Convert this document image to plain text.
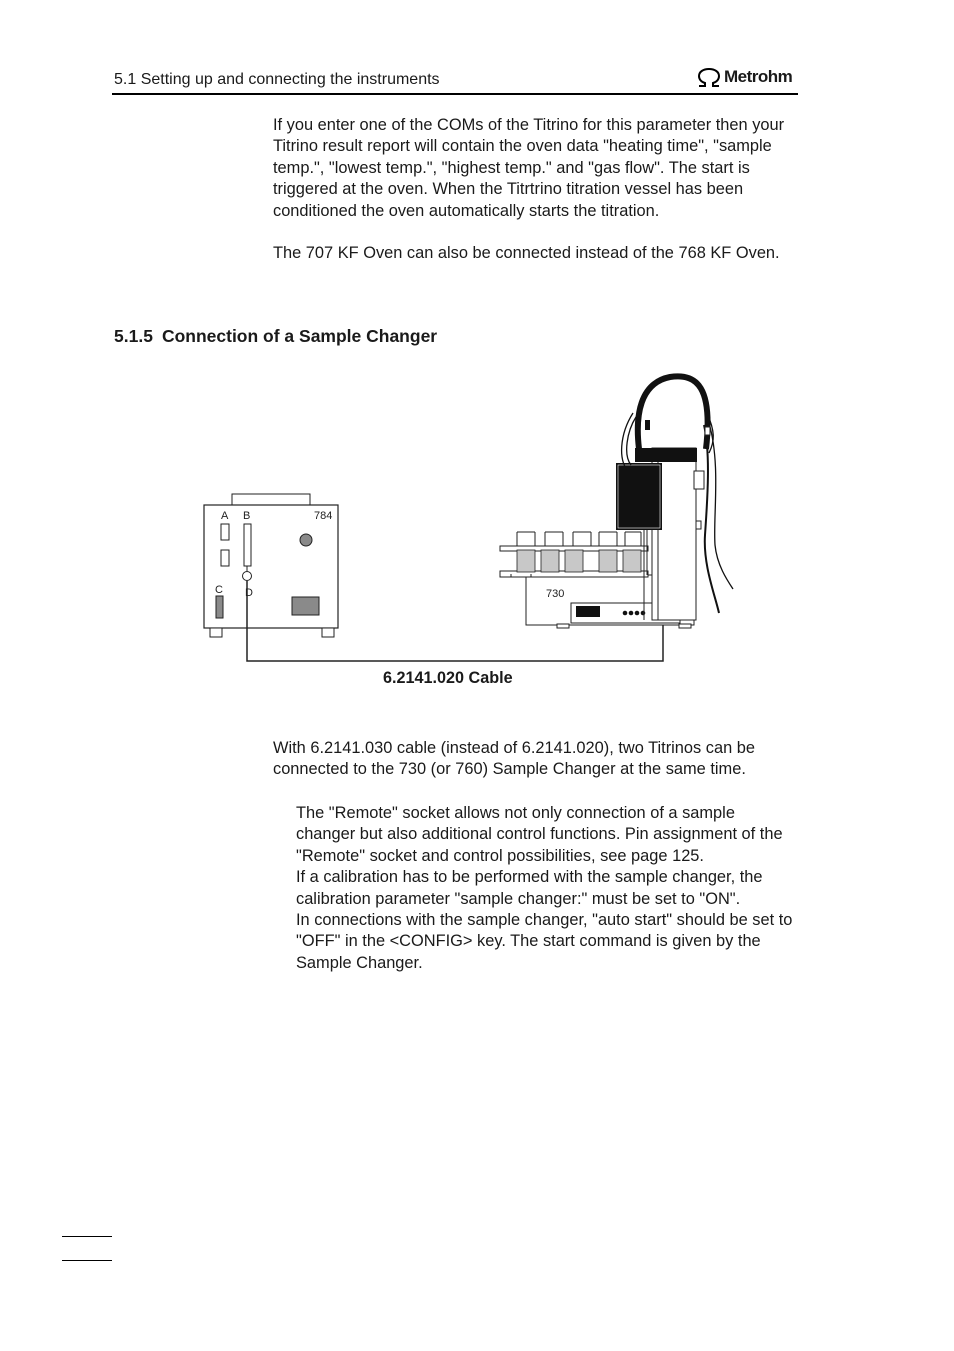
5.1 Setting up and connecting the instruments	Metrohm

If you enter one of the COMs of the Titrino for this parameter then your Titrino result report will contain the oven data "heating time", "sample temp.", "lowest temp.", "highest temp." and "gas flow". The start is triggered at the oven. When the Titrtrino titration vessel has been conditioned the oven automatically starts the titration.

The 707 KF Oven can also be connected instead of the 768 KF Oven.

5.1.5 Connection of a Sample Changer
A B
C D
784
730
6.2141.020 Cable

With 6.2141.030 cable (instead of 6.2141.020), two Titrinos can be connected to the 730 (or 760) Sample Changer at the same time.

The "Remote" socket allows not only connection of a sample changer but also additional control functions. Pin assignment of the "Remote" socket and control possibilities, see page 125.

If a calibration has to be performed with the sample changer, the calibration parameter "sample changer:" must be set to "ON".

In connections with the sample changer, "auto start" should be set to "OFF" in the <CONFIG> key. The start command is given by the Sample Changer.
